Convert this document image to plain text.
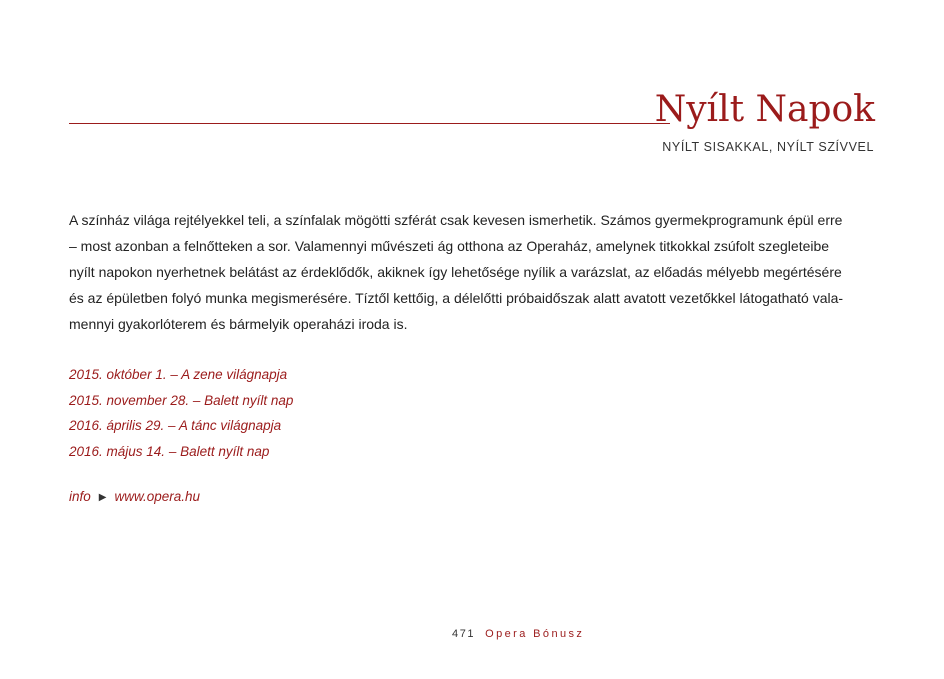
Nyílt Napok
NYÍLT SISAKKAL, NYÍLT SZÍVVEL

A színház világa rejtélyekkel teli, a színfalak mögötti szférát csak kevesen ismerhetik. Számos gyermekprogramunk épül erre
– most azonban a felnőtteken a sor. Valamennyi művészeti ág otthona az Operaház, amelynek titkokkal zsúfolt szegleteibe
nyílt napokon nyerhetnek belátást az érdeklődők, akiknek így lehetősége nyílik a varázslat, az előadás mélyebb megértésére
és az épületben folyó munka megismerésére. Tíztől kettőig, a délelőtti próbaidőszak alatt avatott vezetőkkel látogatható vala-
mennyi gyakorlóterem és bármelyik operaházi iroda is.

2015. október 1. – A zene világnapja
2015. november 28. – Balett nyílt nap
2016. április 29. – A tánc világnapja
2016. május 14. – Balett nyílt nap
info ▶ www.opera.hu
471 Opera Bónusz
